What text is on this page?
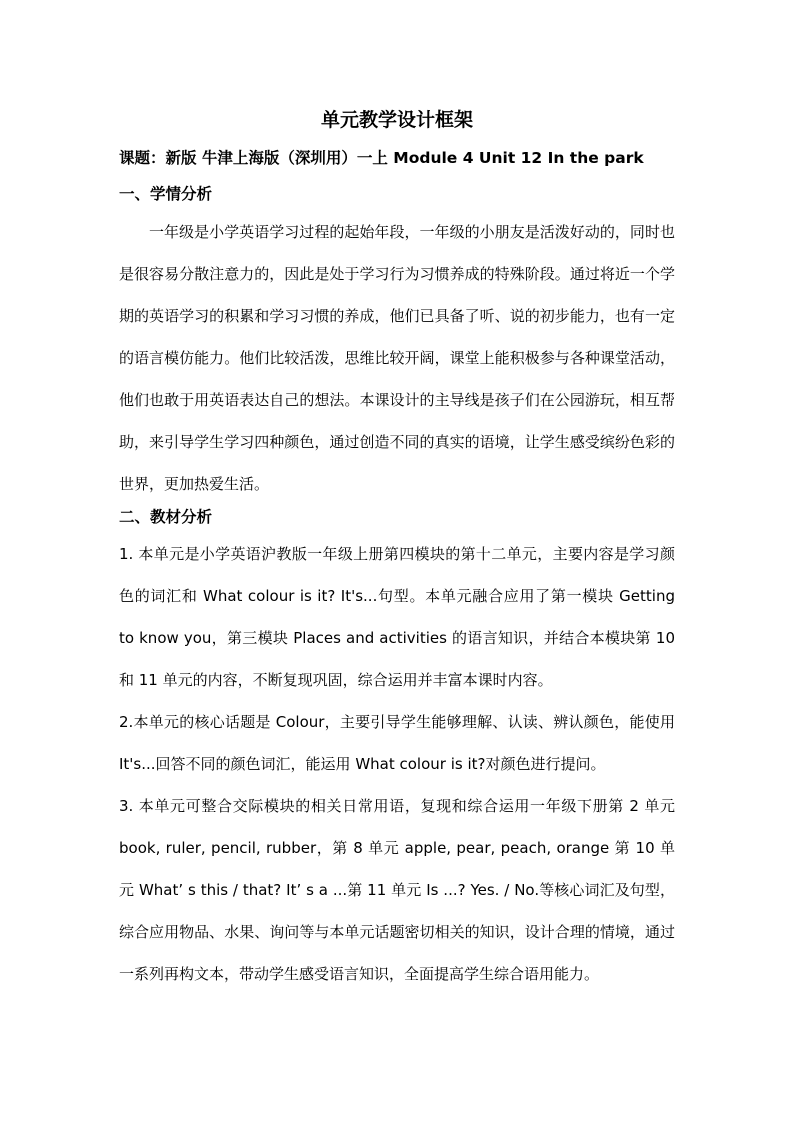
单元教学设计框架

课题：新版 牛津上海版（深圳用）一上 Module 4 Unit 12 In the park

一、学情分析

一年级是小学英语学习过程的起始年段，一年级的小朋友是活泼好动的，同时也是很容易分散注意力的，因此是处于学习行为习惯养成的特殊阶段。通过将近一个学期的英语学习的积累和学习习惯的养成，他们已具备了听、说的初步能力，也有一定的语言模仿能力。他们比较活泼，思维比较开阔，课堂上能积极参与各种课堂活动，他们也敢于用英语表达自己的想法。本课设计的主导线是孩子们在公园游玩，相互帮助，来引导学生学习四种颜色，通过创造不同的真实的语境，让学生感受缤纷色彩的世界，更加热爱生活。

二、教材分析

1. 本单元是小学英语沪教版一年级上册第四模块的第十二单元，主要内容是学习颜色的词汇和 What colour is it? It's...句型。本单元融合应用了第一模块 Getting to know you，第三模块 Places and activities 的语言知识，并结合本模块第 10 和 11 单元的内容，不断复现巩固，综合运用并丰富本课时内容。

2.本单元的核心话题是 Colour，主要引导学生能够理解、认读、辨认颜色，能使用 It's...回答不同的颜色词汇，能运用 What colour is it?对颜色进行提问。

3. 本单元可整合交际模块的相关日常用语，复现和综合运用一年级下册第 2 单元 book, ruler, pencil, rubber，第 8 单元 apple, pear, peach, orange 第 10 单元 What’ s this / that? It’ s a ...第 11 单元 Is ...? Yes. / No.等核心词汇及句型，综合应用物品、水果、询问等与本单元话题密切相关的知识，设计合理的情境，通过一系列再构文本，带动学生感受语言知识，全面提高学生综合语用能力。
